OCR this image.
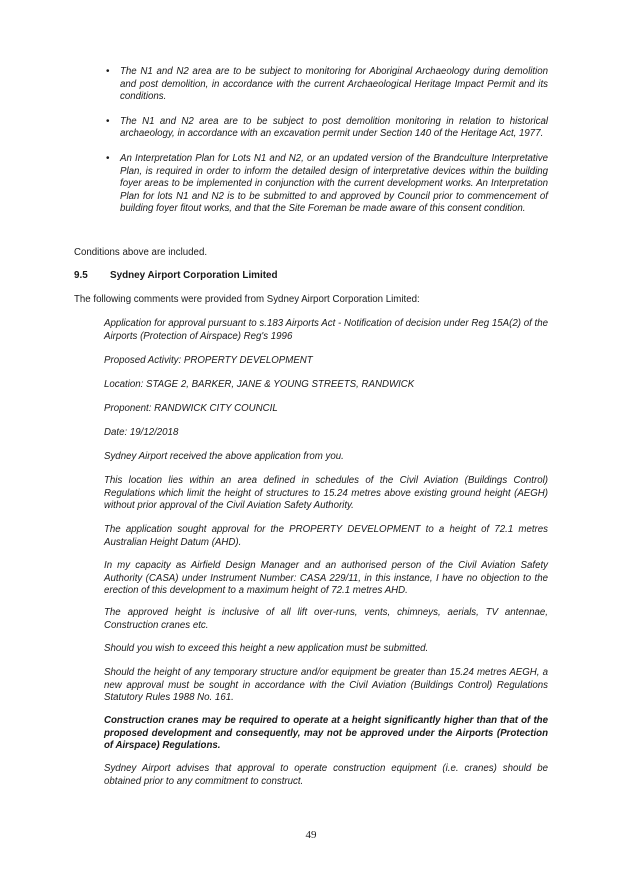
• The N1 and N2 area are to be subject to monitoring for Aboriginal Archaeology during demolition and post demolition, in accordance with the current Archaeological Heritage Impact Permit and its conditions.
• The N1 and N2 area are to be subject to post demolition monitoring in relation to historical archaeology, in accordance with an excavation permit under Section 140 of the Heritage Act, 1977.
• An Interpretation Plan for Lots N1 and N2, or an updated version of the Brandculture Interpretative Plan, is required in order to inform the detailed design of interpretative devices within the building foyer areas to be implemented in conjunction with the current development works. An Interpretation Plan for lots N1 and N2 is to be submitted to and approved by Council prior to commencement of building foyer fitout works, and that the Site Foreman be made aware of this consent condition.

Conditions above are included.

9.5 Sydney Airport Corporation Limited

The following comments were provided from Sydney Airport Corporation Limited:

Application for approval pursuant to s.183 Airports Act - Notification of decision under Reg 15A(2) of the Airports (Protection of Airspace) Reg's 1996

Proposed Activity: PROPERTY DEVELOPMENT

Location: STAGE 2, BARKER, JANE & YOUNG STREETS, RANDWICK

Proponent: RANDWICK CITY COUNCIL

Date: 19/12/2018

Sydney Airport received the above application from you.

This location lies within an area defined in schedules of the Civil Aviation (Buildings Control) Regulations which limit the height of structures to 15.24 metres above existing ground height (AEGH) without prior approval of the Civil Aviation Safety Authority.

The application sought approval for the PROPERTY DEVELOPMENT to a height of 72.1 metres Australian Height Datum (AHD).

In my capacity as Airfield Design Manager and an authorised person of the Civil Aviation Safety Authority (CASA) under Instrument Number: CASA 229/11, in this instance, I have no objection to the erection of this development to a maximum height of 72.1 metres AHD.

The approved height is inclusive of all lift over-runs, vents, chimneys, aerials, TV antennae, Construction cranes etc.

Should you wish to exceed this height a new application must be submitted.

Should the height of any temporary structure and/or equipment be greater than 15.24 metres AEGH, a new approval must be sought in accordance with the Civil Aviation (Buildings Control) Regulations Statutory Rules 1988 No. 161.

Construction cranes may be required to operate at a height significantly higher than that of the proposed development and consequently, may not be approved under the Airports (Protection of Airspace) Regulations.

Sydney Airport advises that approval to operate construction equipment (i.e. cranes) should be obtained prior to any commitment to construct.

49
